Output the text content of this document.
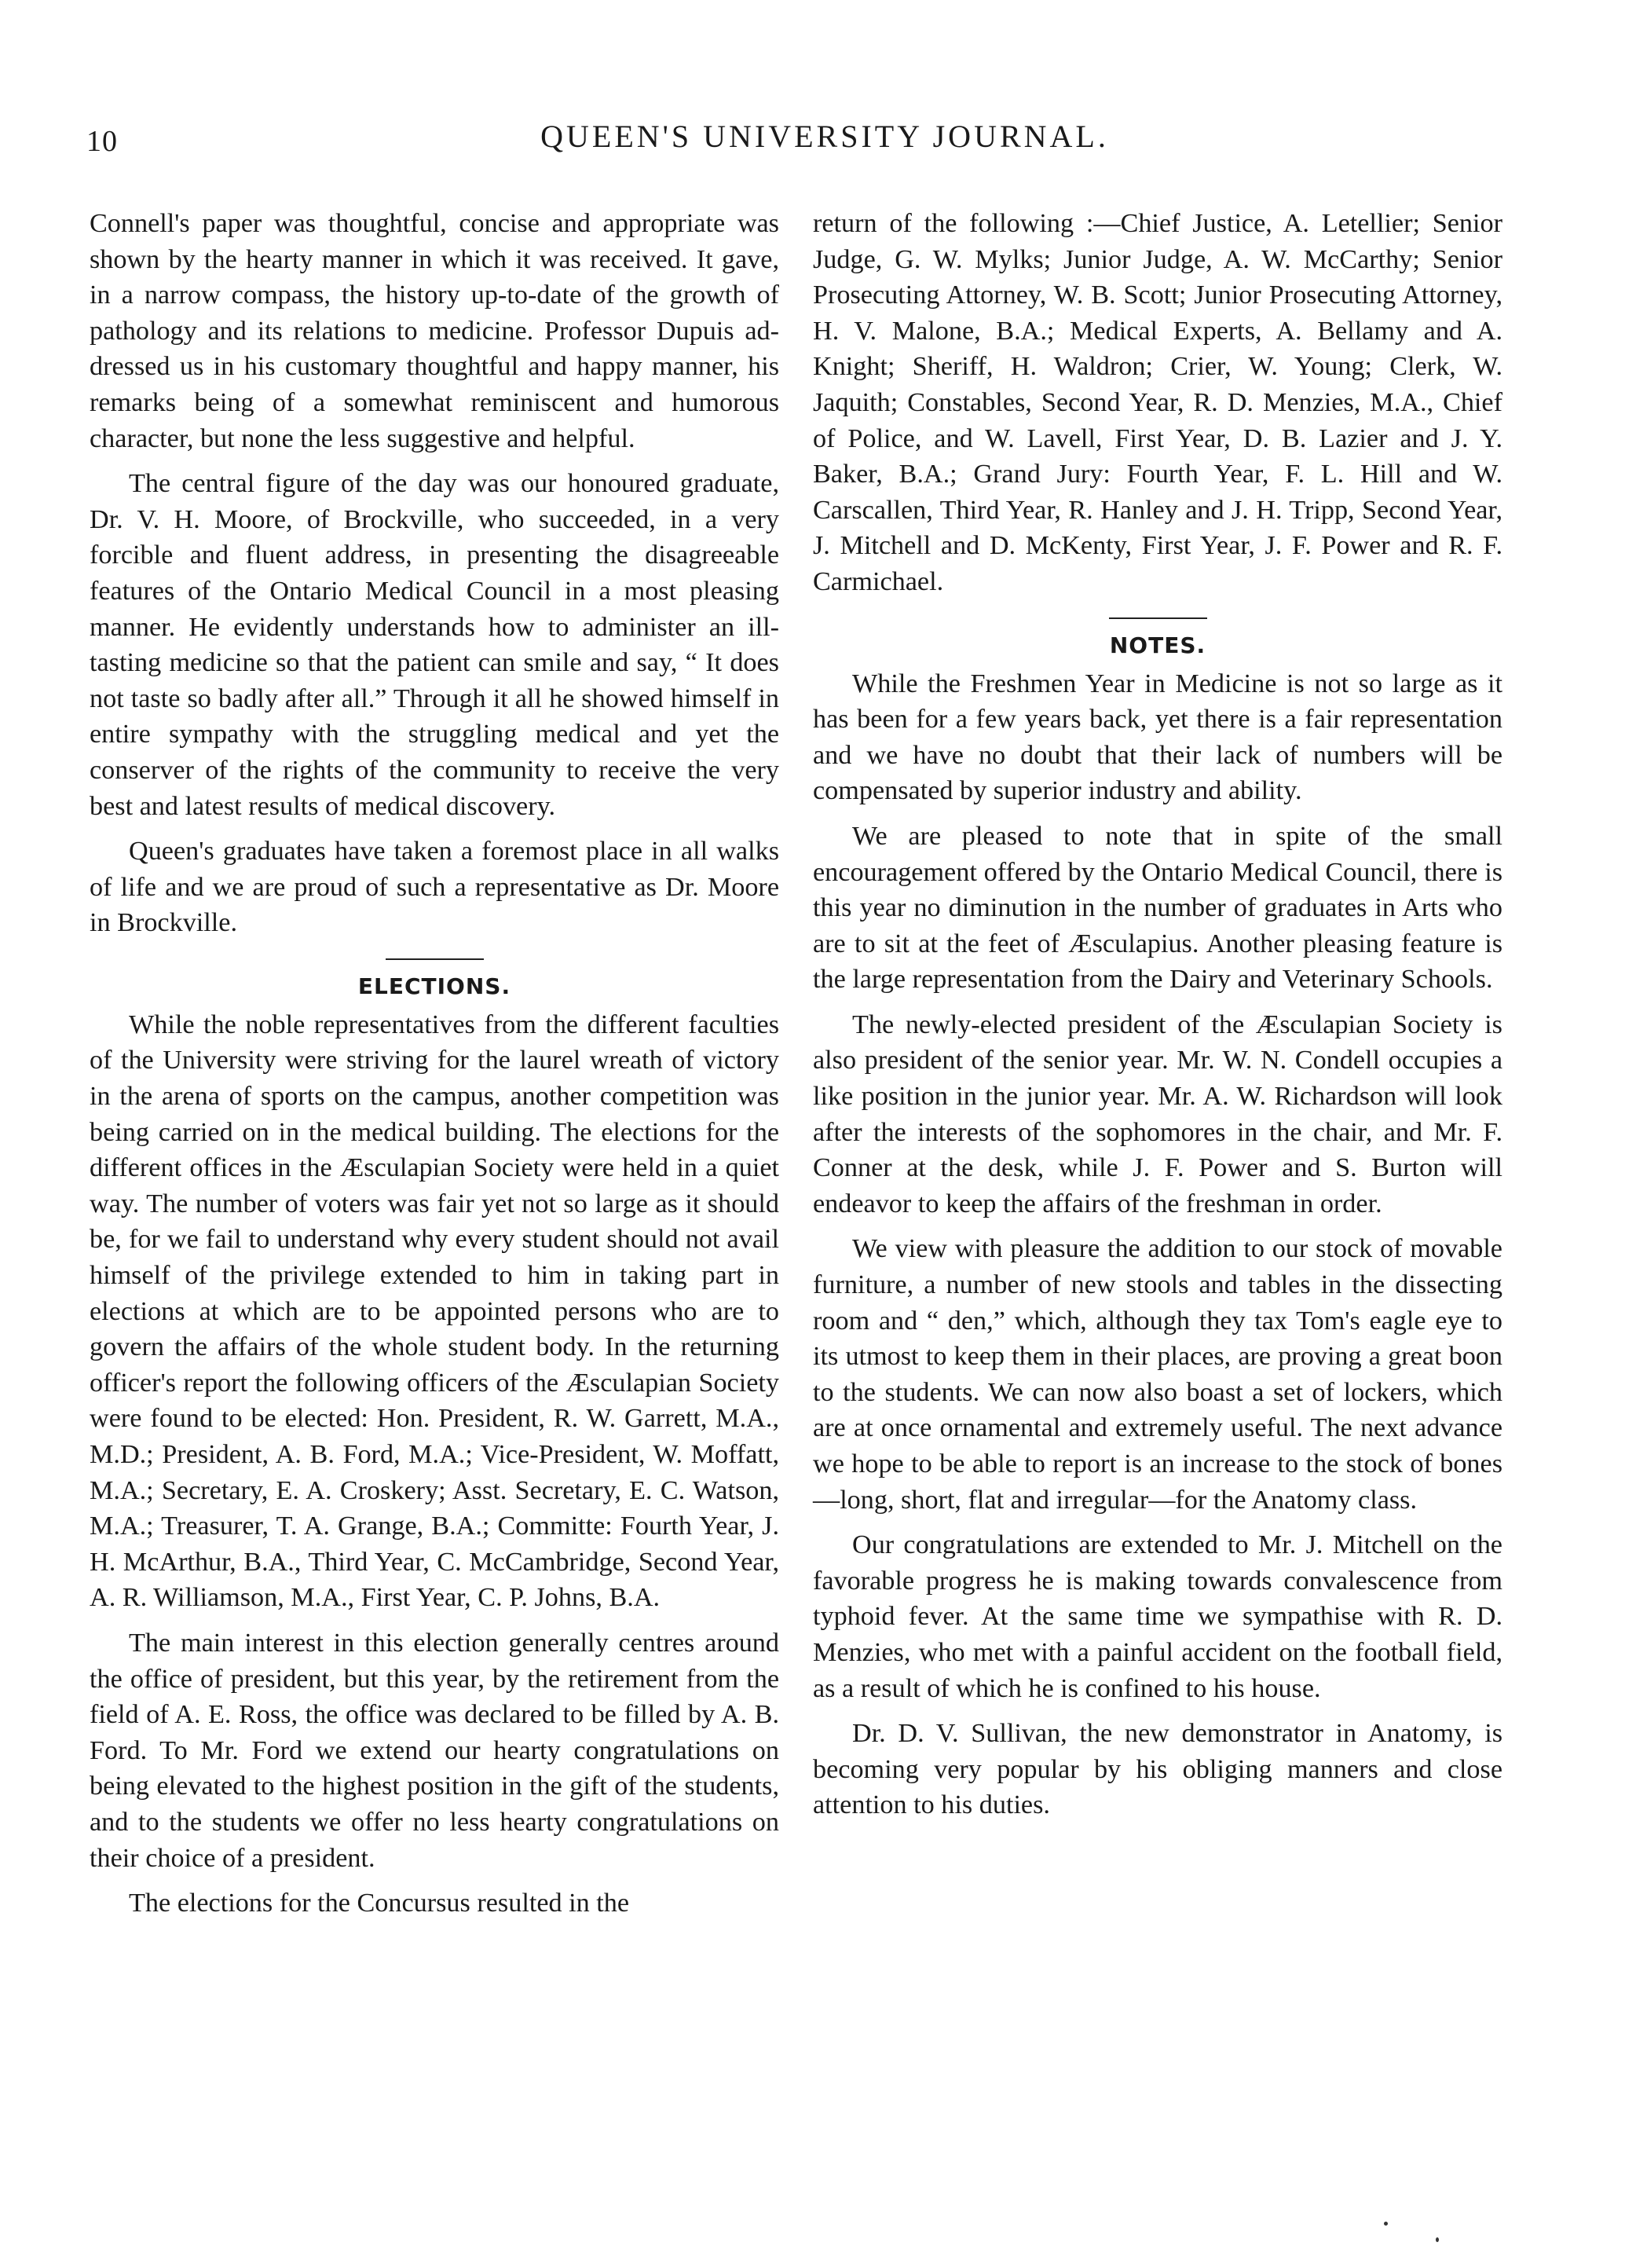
10	QUEEN'S UNIVERSITY JOURNAL.

Connell's paper was thoughtful, concise and appropriate was shown by the hearty manner in which it was received. It gave, in a narrow compass, the history up-to-date of the growth of pathology and its relations to medicine. Professor Dupuis addressed us in his customary thoughtful and happy manner, his remarks being of a somewhat reminiscent and humorous character, but none the less suggestive and helpful.

The central figure of the day was our honoured graduate, Dr. V. H. Moore, of Brockville, who succeeded, in a very forcible and fluent address, in presenting the disagreeable features of the Ontario Medical Council in a most pleasing manner. He evidently understands how to administer an ill-tasting medicine so that the patient can smile and say, “ It does not taste so badly after all.” Through it all he showed himself in entire sympathy with the struggling medical and yet the conserver of the rights of the community to receive the very best and latest results of medical discovery.

Queen's graduates have taken a foremost place in all walks of life and we are proud of such a representative as Dr. Moore in Brockville.

ELECTIONS.

While the noble representatives from the different faculties of the University were striving for the laurel wreath of victory in the arena of sports on the campus, another competition was being carried on in the medical building. The elections for the different offices in the Æsculapian Society were held in a quiet way. The number of voters was fair yet not so large as it should be, for we fail to understand why every student should not avail himself of the privilege extended to him in taking part in elections at which are to be appointed persons who are to govern the affairs of the whole student body. In the returning officer's report the following officers of the Æsculapian Society were found to be elected: Hon. President, R. W. Garrett, M.A., M.D.; President, A. B. Ford, M.A.; Vice-President, W. Moffatt, M.A.; Secretary, E. A. Croskery; Asst. Secretary, E. C. Watson, M.A.; Treasurer, T. A. Grange, B.A.; Committe: Fourth Year, J. H. McArthur, B.A., Third Year, C. McCambridge, Second Year, A. R. Williamson, M.A., First Year, C. P. Johns, B.A.

The main interest in this election generally centres around the office of president, but this year, by the retirement from the field of A. E. Ross, the office was declared to be filled by A. B. Ford. To Mr. Ford we extend our hearty congratulations on being elevated to the highest position in the gift of the students, and to the students we offer no less hearty congratulations on their choice of a president.

The elections for the Concursus resulted in the

return of the following :—Chief Justice, A. Letellier; Senior Judge, G. W. Mylks; Junior Judge, A. W. McCarthy; Senior Prosecuting Attorney, W. B. Scott; Junior Prosecuting Attorney, H. V. Malone, B.A.; Medical Experts, A. Bellamy and A. Knight; Sheriff, H. Waldron; Crier, W. Young; Clerk, W. Jaquith; Constables, Second Year, R. D. Menzies, M.A., Chief of Police, and W. Lavell, First Year, D. B. Lazier and J. Y. Baker, B.A.; Grand Jury: Fourth Year, F. L. Hill and W. Carscallen, Third Year, R. Hanley and J. H. Tripp, Second Year, J. Mitchell and D. McKenty, First Year, J. F. Power and R. F. Carmichael.

NOTES.

While the Freshmen Year in Medicine is not so large as it has been for a few years back, yet there is a fair representation and we have no doubt that their lack of numbers will be compensated by superior industry and ability.

We are pleased to note that in spite of the small encouragement offered by the Ontario Medical Council, there is this year no diminution in the number of graduates in Arts who are to sit at the feet of Æsculapius. Another pleasing feature is the large representation from the Dairy and Veterinary Schools.

The newly-elected president of the Æsculapian Society is also president of the senior year. Mr. W. N. Condell occupies a like position in the junior year. Mr. A. W. Richardson will look after the interests of the sophomores in the chair, and Mr. F. Conner at the desk, while J. F. Power and S. Burton will endeavor to keep the affairs of the freshman in order.

We view with pleasure the addition to our stock of movable furniture, a number of new stools and tables in the dissecting room and “ den,” which, although they tax Tom's eagle eye to its utmost to keep them in their places, are proving a great boon to the students. We can now also boast a set of lockers, which are at once ornamental and extremely useful. The next advance we hope to be able to report is an increase to the stock of bones—long, short, flat and irregular—for the Anatomy class.

Our congratulations are extended to Mr. J. Mitchell on the favorable progress he is making towards convalescence from typhoid fever. At the same time we sympathise with R. D. Menzies, who met with a painful accident on the football field, as a result of which he is confined to his house.

Dr. D. V. Sullivan, the new demonstrator in Anatomy, is becoming very popular by his obliging manners and close attention to his duties.
